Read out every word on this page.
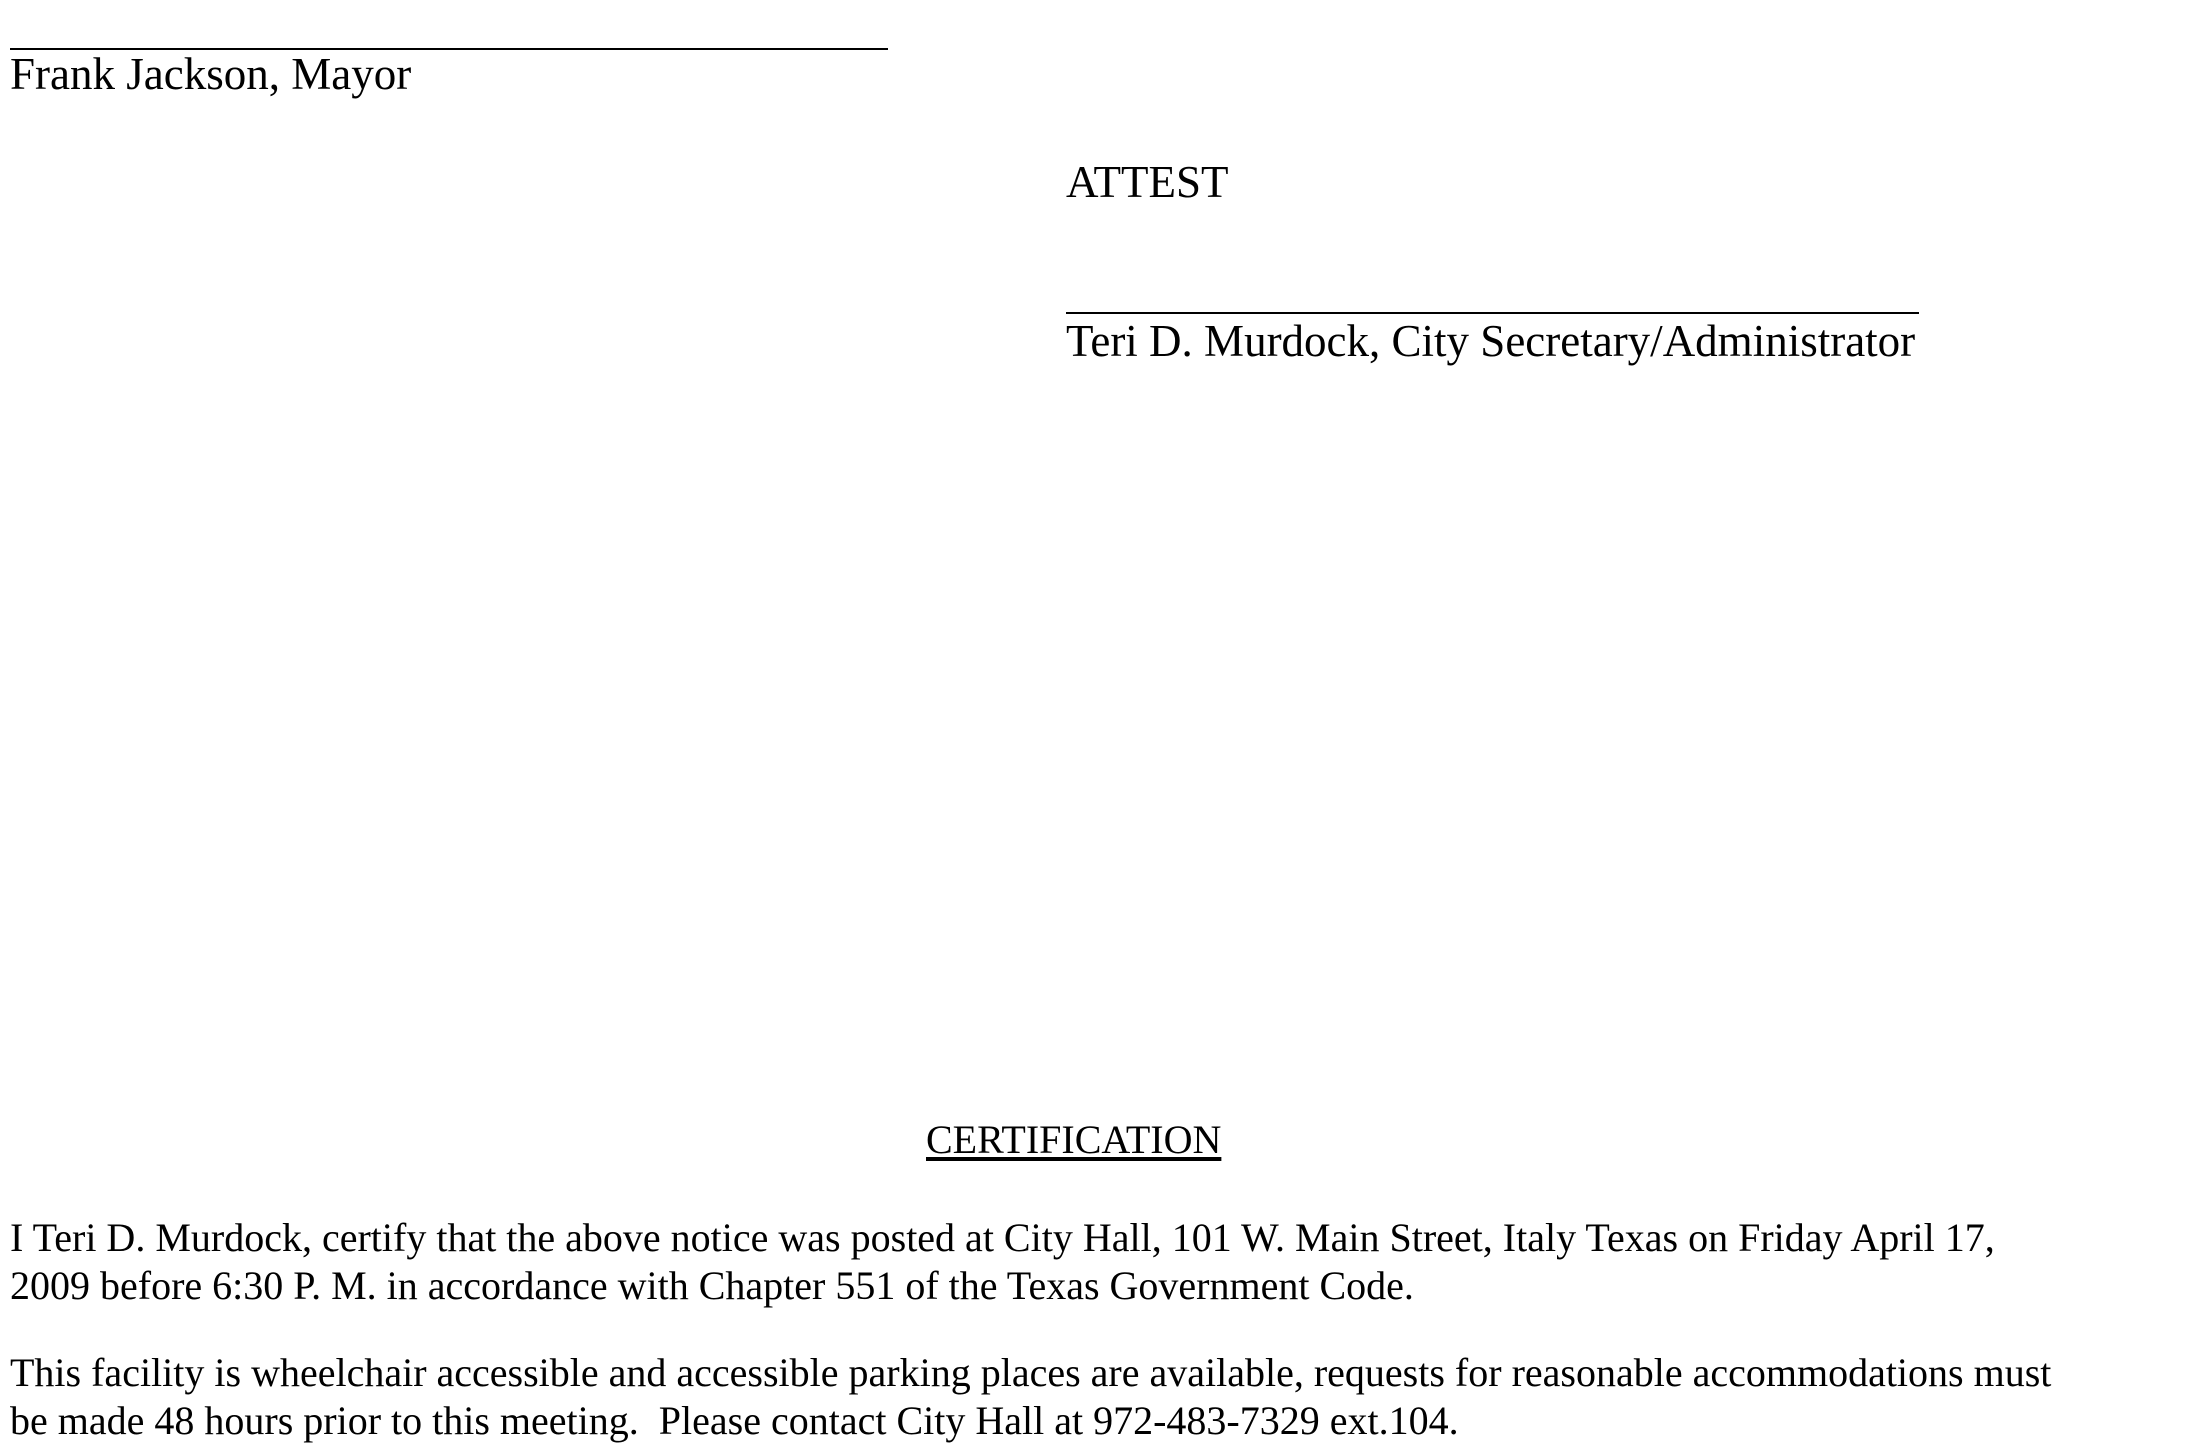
Frank Jackson, Mayor
ATTEST
Teri D. Murdock, City Secretary/Administrator
CERTIFICATION
I Teri D. Murdock, certify that the above notice was posted at City Hall, 101 W. Main Street, Italy Texas on Friday April 17,
2009 before 6:30 P. M. in accordance with Chapter 551 of the Texas Government Code.
This facility is wheelchair accessible and accessible parking places are available, requests for reasonable accommodations must
be made 48 hours prior to this meeting.  Please contact City Hall at 972-483-7329 ext.104.
